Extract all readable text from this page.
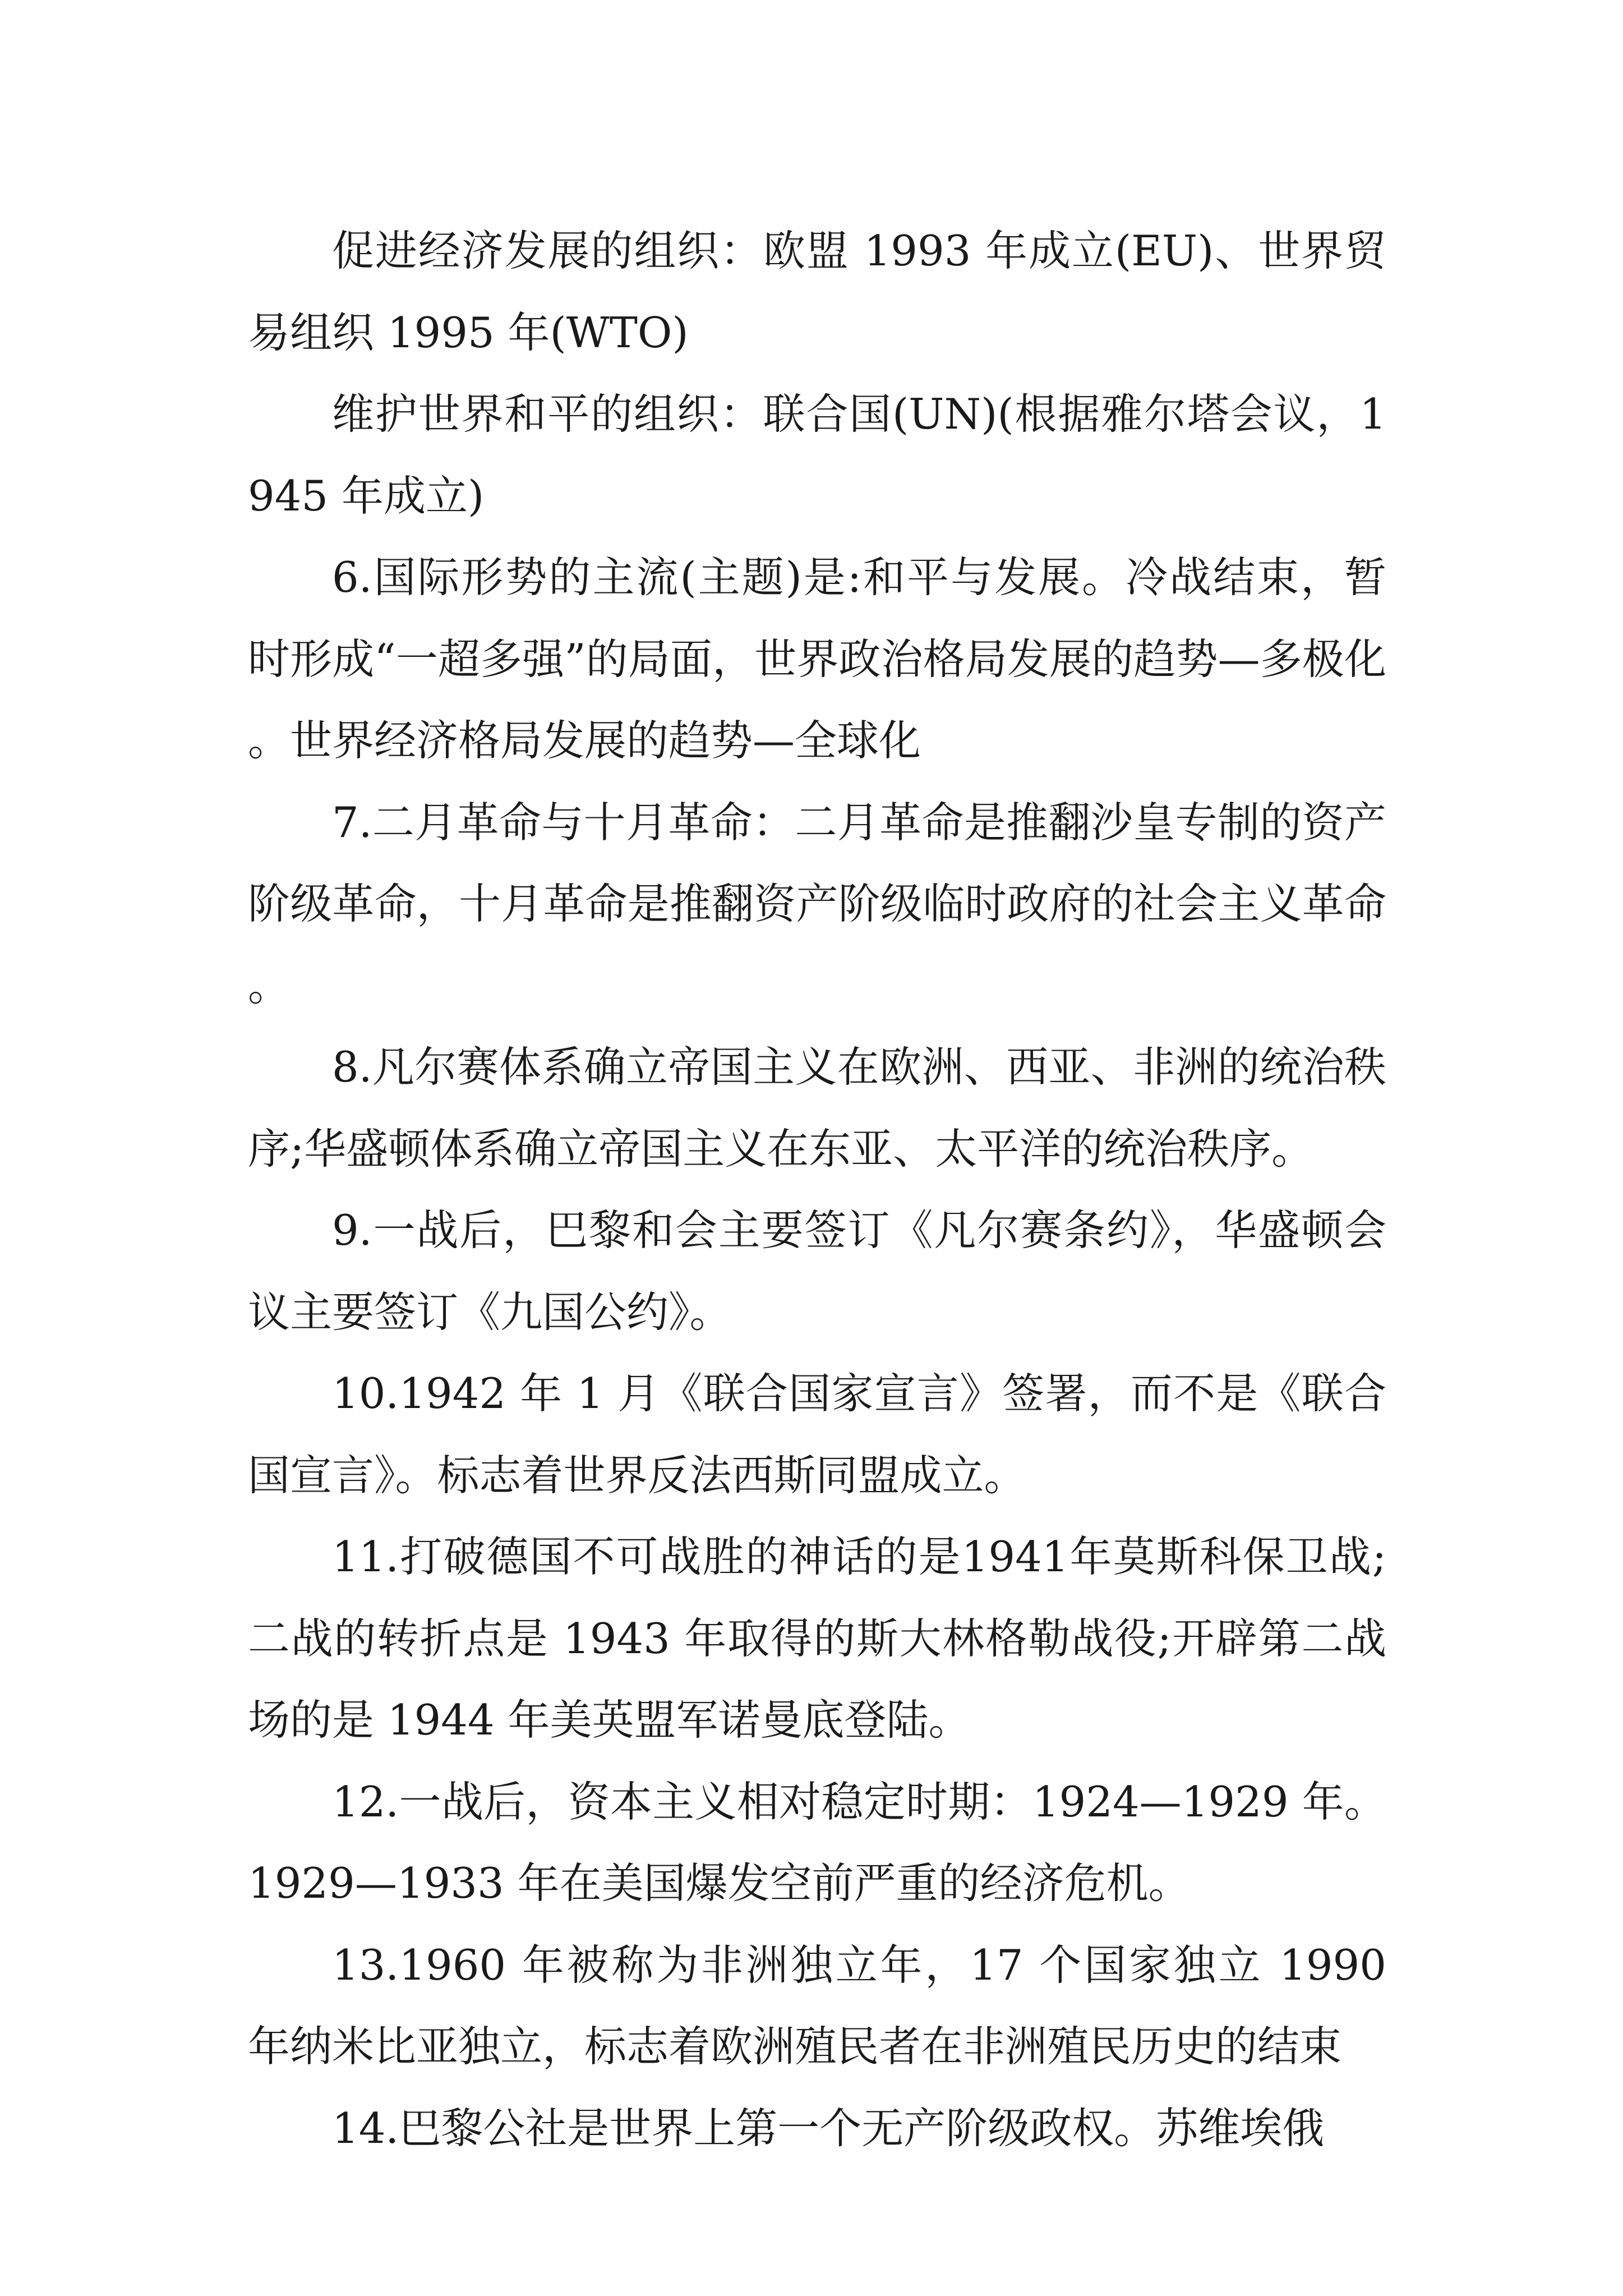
促进经济发展的组织：欧盟 1993 年成立(EU)、世界贸易组织 1995 年(WTO)

维护世界和平的组织：联合国(UN)(根据雅尔塔会议，1945 年成立)

6.国际形势的主流(主题)是:和平与发展。冷战结束，暂时形成“一超多强”的局面，世界政治格局发展的趋势—多极化。世界经济格局发展的趋势—全球化

7.二月革命与十月革命：二月革命是推翻沙皇专制的资产阶级革命，十月革命是推翻资产阶级临时政府的社会主义革命。

8.凡尔赛体系确立帝国主义在欧洲、西亚、非洲的统治秩序;华盛顿体系确立帝国主义在东亚、太平洋的统治秩序。

9.一战后，巴黎和会主要签订《凡尔赛条约》，华盛顿会议主要签订《九国公约》。

10.1942 年 1 月《联合国家宣言》签署，而不是《联合国宣言》。标志着世界反法西斯同盟成立。

11.打破德国不可战胜的神话的是1941年莫斯科保卫战;二战的转折点是 1943 年取得的斯大林格勒战役;开辟第二战场的是 1944 年美英盟军诺曼底登陆。

12.一战后，资本主义相对稳定时期：1924—1929 年。1929—1933 年在美国爆发空前严重的经济危机。

13.1960 年被称为非洲独立年，17 个国家独立 1990 年纳米比亚独立，标志着欧洲殖民者在非洲殖民历史的结束

14.巴黎公社是世界上第一个无产阶级政权。苏维埃俄
